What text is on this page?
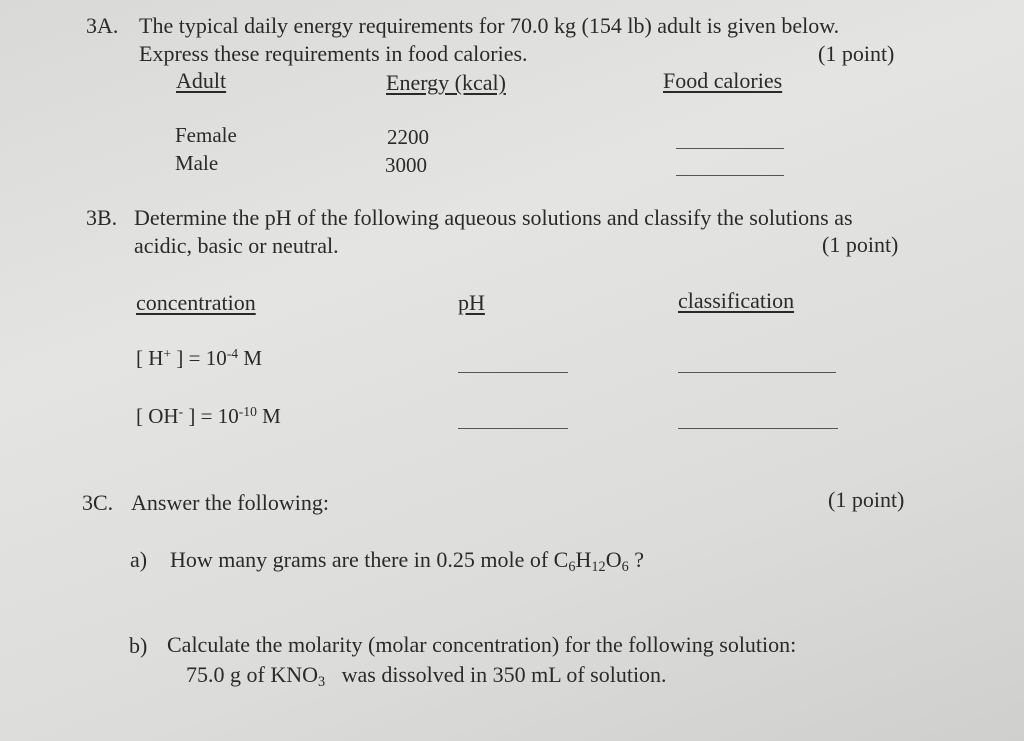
3A. The typical daily energy requirements for 70.0 kg (154 lb) adult is given below.
Express these requirements in food calories.	(1 point)
Adult	Energy (kcal)	Food calories
Female	2200
Male	3000
3B. Determine the pH of the following aqueous solutions and classify the solutions as
acidic, basic or neutral.	(1 point)
concentration	pH	classification
[ H+ ] = $10^{-4}$ M
[ OH- ] = $10^{-10}$ M
3C. Answer the following:	(1 point)
a) How many grams are there in 0.25 mole of C6H12O6 ?
b) Calculate the molarity (molar concentration) for the following solution:
75.0 g of KNO3   was dissolved in 350 mL of solution.
